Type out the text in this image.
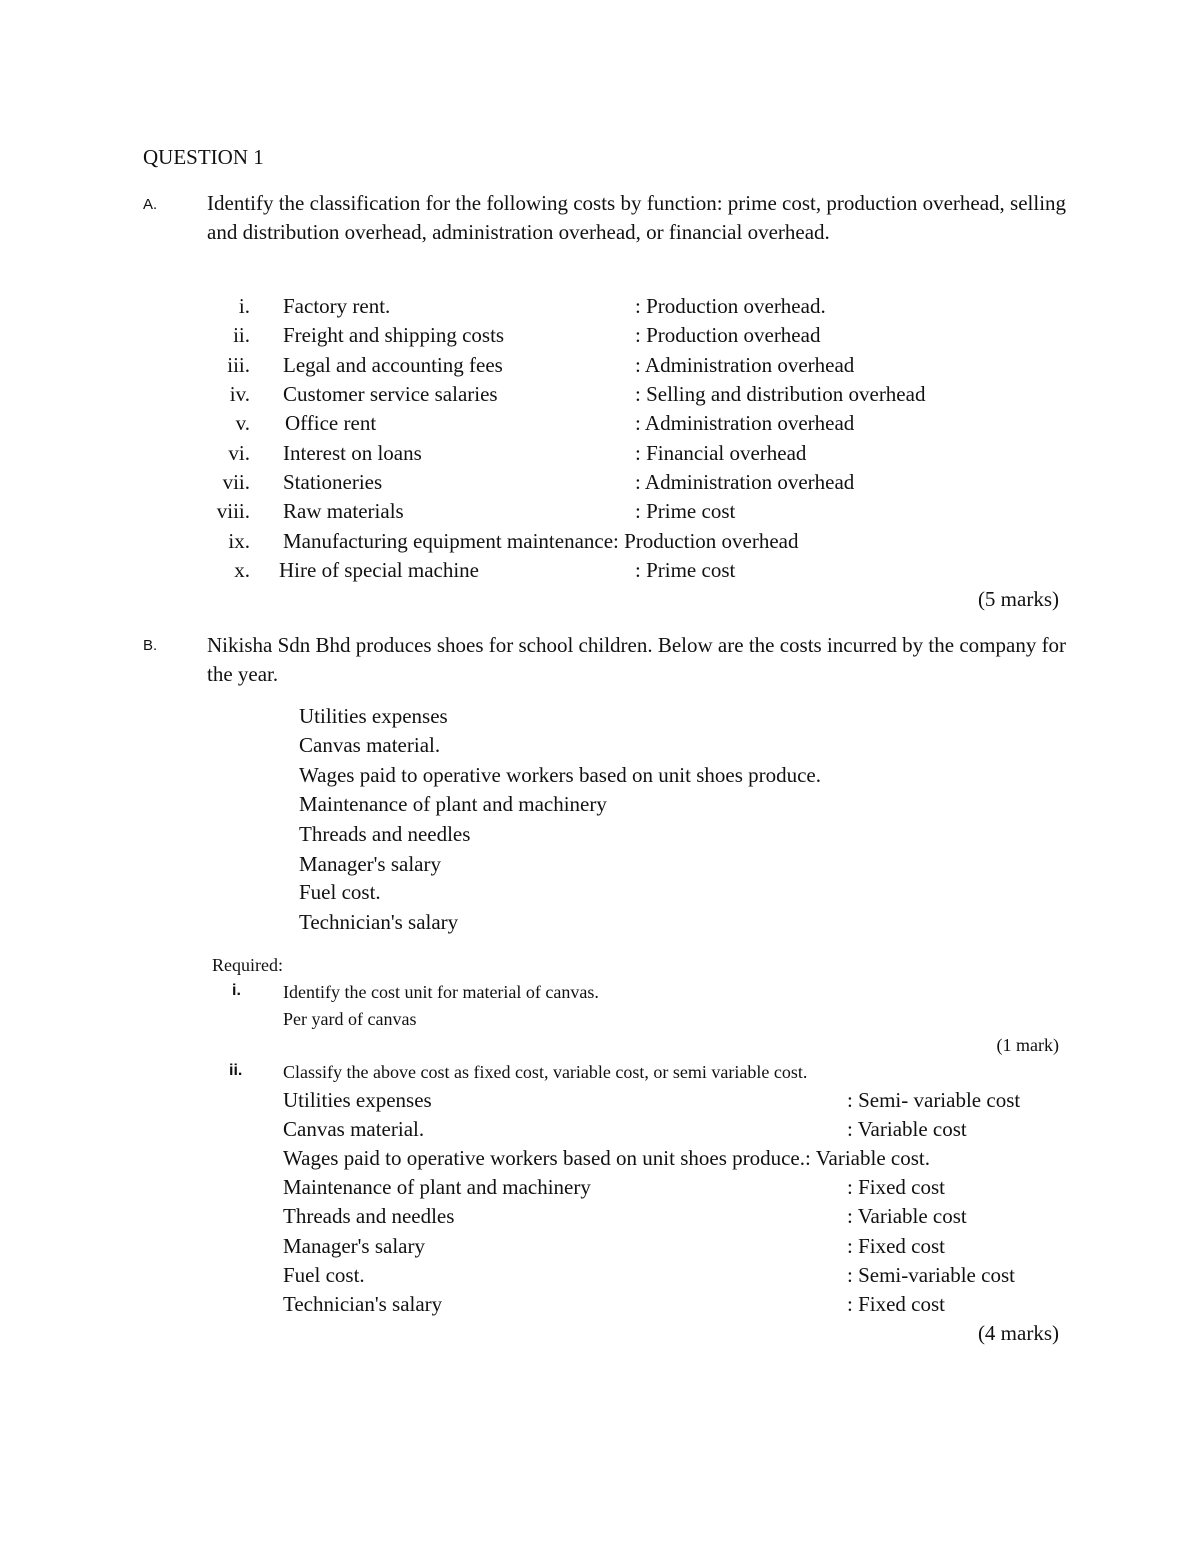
QUESTION 1
A. Identify the classification for the following costs by function: prime cost, production overhead, selling and distribution overhead, administration overhead, or financial overhead.
i. Factory rent.	: Production overhead.
ii. Freight and shipping costs	: Production overhead
iii. Legal and accounting fees	: Administration overhead
iv. Customer service salaries	: Selling and distribution overhead
v. Office rent	: Administration overhead
vi. Interest on loans	: Financial overhead
vii. Stationeries	: Administration overhead
viii. Raw materials	: Prime cost
ix. Manufacturing equipment maintenance: Production overhead
x. Hire of special machine	: Prime cost
(5 marks)
B. Nikisha Sdn Bhd produces shoes for school children. Below are the costs incurred by the company for the year.
Utilities expenses
Canvas material.
Wages paid to operative workers based on unit shoes produce.
Maintenance of plant and machinery
Threads and needles
Manager's salary
Fuel cost.
Technician's salary
Required:
i. Identify the cost unit for material of canvas.
Per yard of canvas
(1 mark)
ii. Classify the above cost as fixed cost, variable cost, or semi variable cost.
Utilities expenses	: Semi- variable cost
Canvas material.	: Variable cost
Wages paid to operative workers based on unit shoes produce.: Variable cost.
Maintenance of plant and machinery	: Fixed cost
Threads and needles	: Variable cost
Manager's salary	: Fixed cost
Fuel cost.	: Semi-variable cost
Technician's salary	: Fixed cost
(4 marks)
